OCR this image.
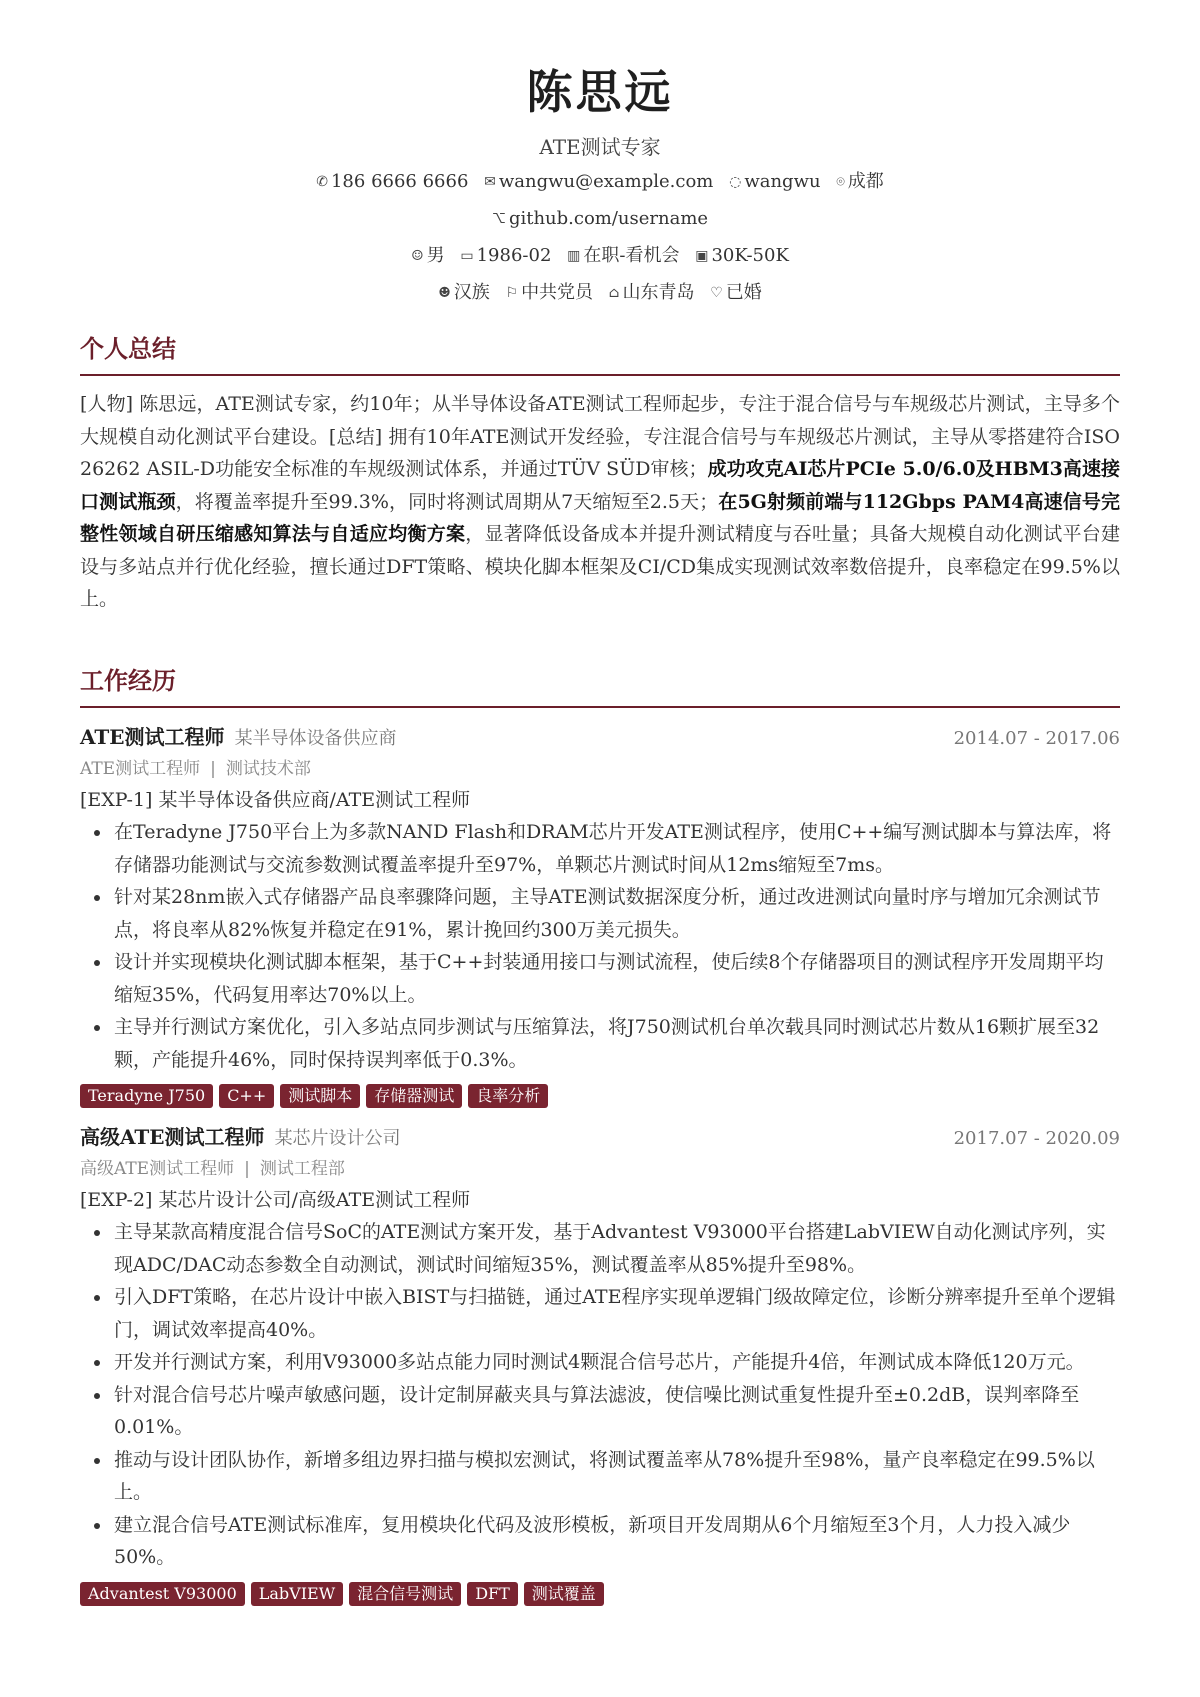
陈思远
ATE测试专家
✆ 186 6666 6666 ✉ wangwu@example.com ◌ wangwu ⌾ 成都
⌥ github.com/username
☺ 男 ▭ 1986-02 ▥ 在职-看机会 ▣ 30K-50K
☻ 汉族 ⚐ 中共党员 ⌂ 山东青岛 ♡ 已婚
个人总结
[人物] 陈思远，ATE测试专家，约10年；从半导体设备ATE测试工程师起步，专注于混合信号与车规级芯片测试，主导多个大规模自动化测试平台建设。[总结] 拥有10年ATE测试开发经验，专注混合信号与车规级芯片测试，主导从零搭建符合ISO 26262 ASIL-D功能安全标准的车规级测试体系，并通过TÜV SÜD审核；成功攻克AI芯片PCIe 5.0/6.0及HBM3高速接口测试瓶颈，将覆盖率提升至99.3%，同时将测试周期从7天缩短至2.5天；在5G射频前端与112Gbps PAM4高速信号完整性领域自研压缩感知算法与自适应均衡方案，显著降低设备成本并提升测试精度与吞吐量；具备大规模自动化测试平台建设与多站点并行优化经验，擅长通过DFT策略、模块化脚本框架及CI/CD集成实现测试效率数倍提升，良率稳定在99.5%以上。
工作经历
ATE测试工程师 某半导体设备供应商	2014.07 - 2017.06
ATE测试工程师 | 测试技术部
[EXP-1] 某半导体设备供应商/ATE测试工程师
• 在Teradyne J750平台上为多款NAND Flash和DRAM芯片开发ATE测试程序，使用C++编写测试脚本与算法库，将存储器功能测试与交流参数测试覆盖率提升至97%，单颗芯片测试时间从12ms缩短至7ms。
• 针对某28nm嵌入式存储器产品良率骤降问题，主导ATE测试数据深度分析，通过改进测试向量时序与增加冗余测试节点，将良率从82%恢复并稳定在91%，累计挽回约300万美元损失。
• 设计并实现模块化测试脚本框架，基于C++封装通用接口与测试流程，使后续8个存储器项目的测试程序开发周期平均缩短35%，代码复用率达70%以上。
• 主导并行测试方案优化，引入多站点同步测试与压缩算法，将J750测试机台单次载具同时测试芯片数从16颗扩展至32颗，产能提升46%，同时保持误判率低于0.3%。
Teradyne J750	C++	测试脚本	存储器测试	良率分析
高级ATE测试工程师 某芯片设计公司	2017.07 - 2020.09
高级ATE测试工程师 | 测试工程部
[EXP-2] 某芯片设计公司/高级ATE测试工程师
• 主导某款高精度混合信号SoC的ATE测试方案开发，基于Advantest V93000平台搭建LabVIEW自动化测试序列，实现ADC/DAC动态参数全自动测试，测试时间缩短35%，测试覆盖率从85%提升至98%。
• 引入DFT策略，在芯片设计中嵌入BIST与扫描链，通过ATE程序实现单逻辑门级故障定位，诊断分辨率提升至单个逻辑门，调试效率提高40%。
• 开发并行测试方案，利用V93000多站点能力同时测试4颗混合信号芯片，产能提升4倍，年测试成本降低120万元。
• 针对混合信号芯片噪声敏感问题，设计定制屏蔽夹具与算法滤波，使信噪比测试重复性提升至±0.2dB，误判率降至0.01%。
• 推动与设计团队协作，新增多组边界扫描与模拟宏测试，将测试覆盖率从78%提升至98%，量产良率稳定在99.5%以上。
• 建立混合信号ATE测试标准库，复用模块化代码及波形模板，新项目开发周期从6个月缩短至3个月，人力投入减少50%。
Advantest V93000	LabVIEW	混合信号测试	DFT	测试覆盖
